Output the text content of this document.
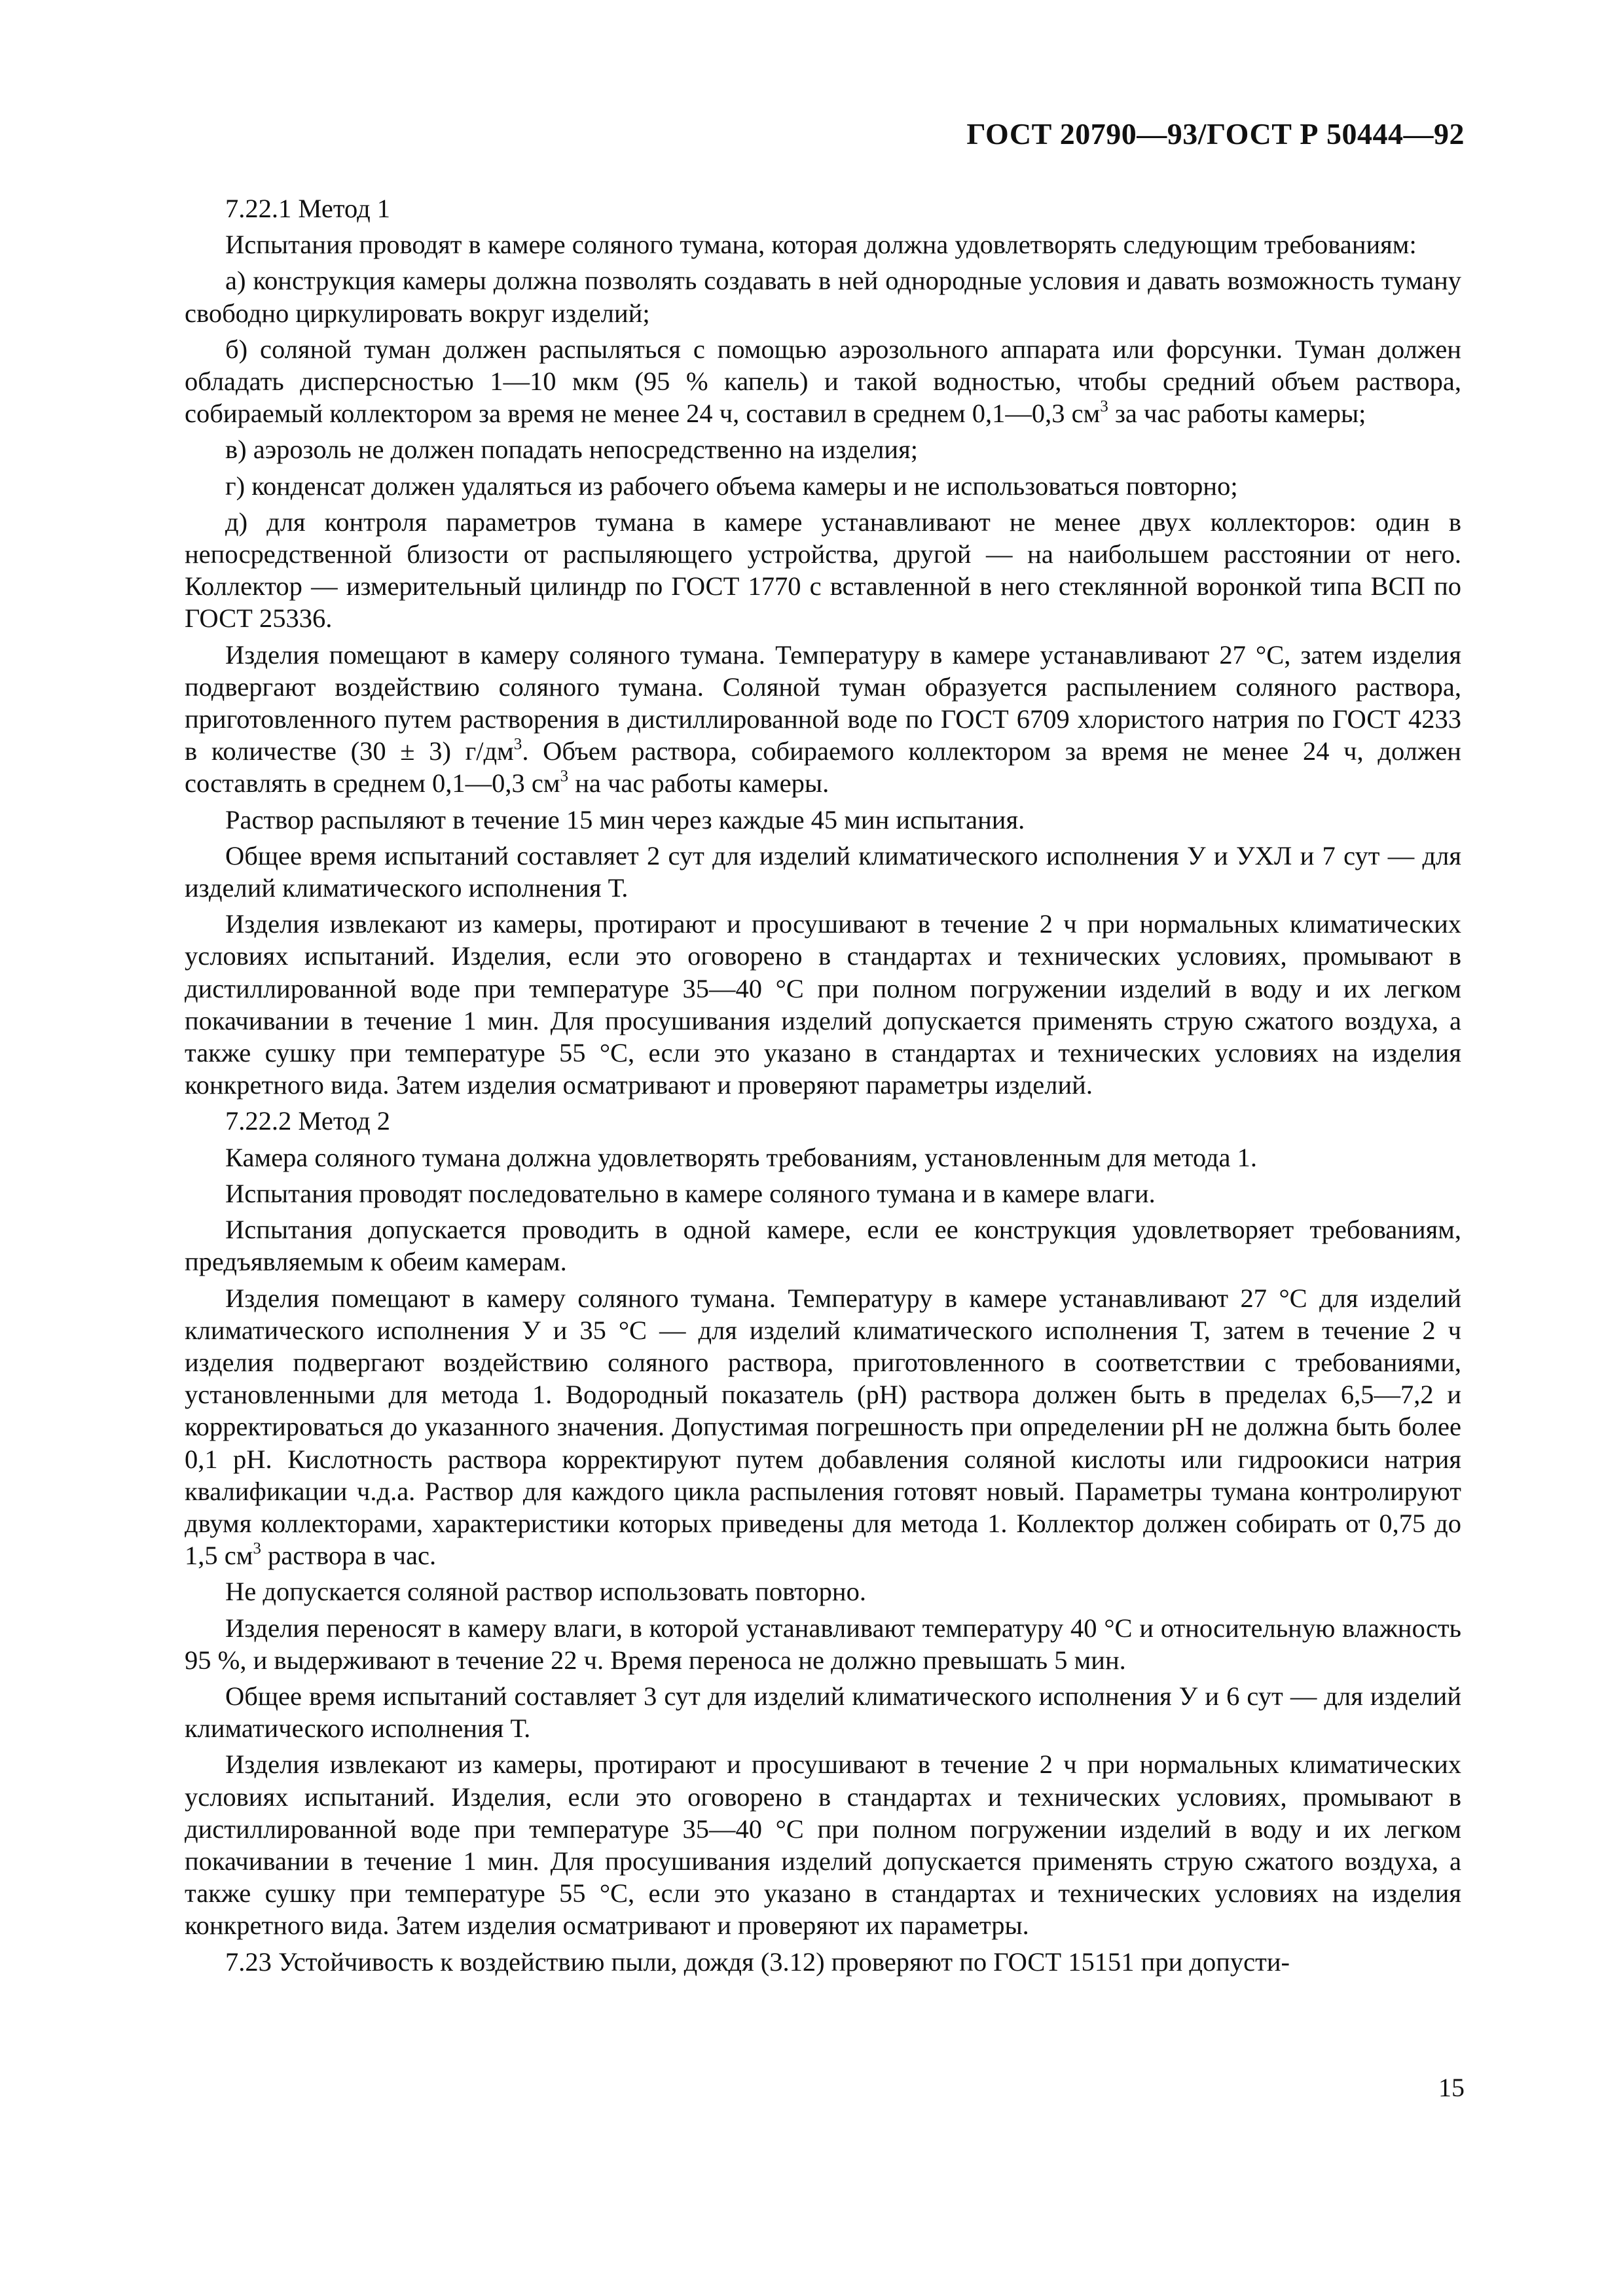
ГОСТ 20790—93/ГОСТ Р 50444—92

7.22.1 Метод 1

Испытания проводят в камере соляного тумана, которая должна удовлетворять следующим требованиям:

а) конструкция камеры должна позволять создавать в ней однородные условия и давать возможность туману свободно циркулировать вокруг изделий;

б) соляной туман должен распыляться с помощью аэрозольного аппарата или форсунки. Туман должен обладать дисперсностью 1—10 мкм (95 % капель) и такой водностью, чтобы средний объем раствора, собираемый коллектором за время не менее 24 ч, составил в среднем 0,1—0,3 $см^3$ за час работы камеры;

в) аэрозоль не должен попадать непосредственно на изделия;

г) конденсат должен удаляться из рабочего объема камеры и не использоваться повторно;

д) для контроля параметров тумана в камере устанавливают не менее двух коллекторов: один в непосредственной близости от распыляющего устройства, другой — на наибольшем расстоянии от него. Коллектор — измерительный цилиндр по ГОСТ 1770 с вставленной в него стеклянной воронкой типа ВСП по ГОСТ 25336.

Изделия помещают в камеру соляного тумана. Температуру в камере устанавливают 27 °С, затем изделия подвергают воздействию соляного тумана. Соляной туман образуется распылением соляного раствора, приготовленного путем растворения в дистиллированной воде по ГОСТ 6709 хлористого натрия по ГОСТ 4233 в количестве (30 ± 3) $г/дм^3$. Объем раствора, собираемого коллектором за время не менее 24 ч, должен составлять в среднем 0,1—0,3 $см^3$ на час работы камеры.

Раствор распыляют в течение 15 мин через каждые 45 мин испытания.

Общее время испытаний составляет 2 сут для изделий климатического исполнения У и УХЛ и 7 сут — для изделий климатического исполнения Т.

Изделия извлекают из камеры, протирают и просушивают в течение 2 ч при нормальных климатических условиях испытаний. Изделия, если это оговорено в стандартах и технических условиях, промывают в дистиллированной воде при температуре 35—40 °С при полном погружении изделий в воду и их легком покачивании в течение 1 мин. Для просушивания изделий допускается применять струю сжатого воздуха, а также сушку при температуре 55 °С, если это указано в стандартах и технических условиях на изделия конкретного вида. Затем изделия осматривают и проверяют параметры изделий.

7.22.2 Метод 2

Камера соляного тумана должна удовлетворять требованиям, установленным для метода 1.

Испытания проводят последовательно в камере соляного тумана и в камере влаги.

Испытания допускается проводить в одной камере, если ее конструкция удовлетворяет требованиям, предъявляемым к обеим камерам.

Изделия помещают в камеру соляного тумана. Температуру в камере устанавливают 27 °С для изделий климатического исполнения У и 35 °С — для изделий климатического исполнения Т, затем в течение 2 ч изделия подвергают воздействию соляного раствора, приготовленного в соответствии с требованиями, установленными для метода 1. Водородный показатель (рН) раствора должен быть в пределах 6,5—7,2 и корректироваться до указанного значения. Допустимая погрешность при определении рН не должна быть более 0,1 рН. Кислотность раствора корректируют путем добавления соляной кислоты или гидроокиси натрия квалификации ч.д.а. Раствор для каждого цикла распыления готовят новый. Параметры тумана контролируют двумя коллекторами, характеристики которых приведены для метода 1. Коллектор должен собирать от 0,75 до 1,5 $см^3$ раствора в час.

Не допускается соляной раствор использовать повторно.

Изделия переносят в камеру влаги, в которой устанавливают температуру 40 °С и относительную влажность 95 %, и выдерживают в течение 22 ч. Время переноса не должно превышать 5 мин.

Общее время испытаний составляет 3 сут для изделий климатического исполнения У и 6 сут — для изделий климатического исполнения Т.

Изделия извлекают из камеры, протирают и просушивают в течение 2 ч при нормальных климатических условиях испытаний. Изделия, если это оговорено в стандартах и технических условиях, промывают в дистиллированной воде при температуре 35—40 °С при полном погружении изделий в воду и их легком покачивании в течение 1 мин. Для просушивания изделий допускается применять струю сжатого воздуха, а также сушку при температуре 55 °С, если это указано в стандартах и технических условиях на изделия конкретного вида. Затем изделия осматривают и проверяют их параметры.

7.23 Устойчивость к воздействию пыли, дождя (3.12) проверяют по ГОСТ 15151 при допусти-

15
